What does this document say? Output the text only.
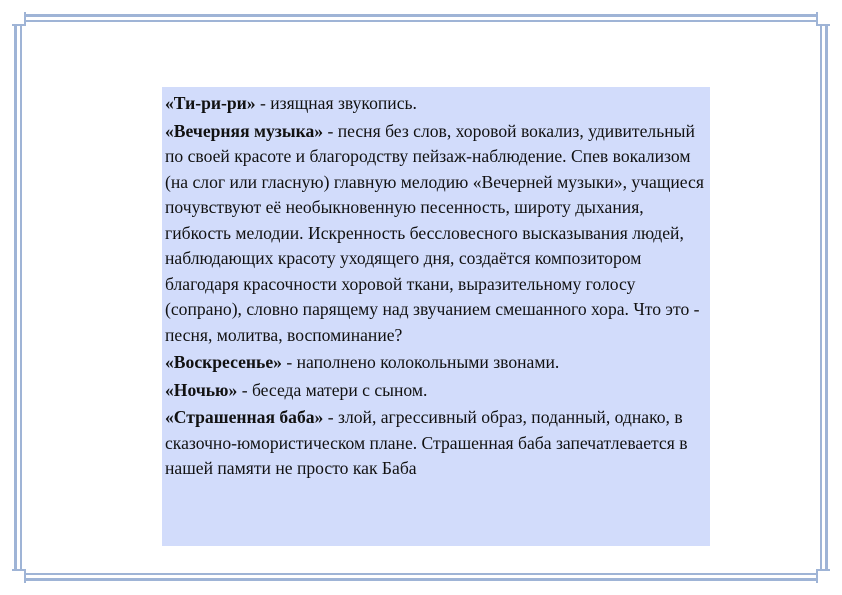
«Ти-ри-ри» - изящная звукопись.

«Вечерняя музыка» - песня без слов, хоровой вокализ, удивительный по своей красоте и благородству пейзаж-наблюдение. Спев вокализом (на слог или гласную) главную мелодию «Вечерней музыки», учащиеся почувствуют её необыкновенную песенность, широту дыхания, гибкость мелодии. Искренность бессловесного высказывания людей, наблюдающих красоту уходящего дня, создаётся композитором благодаря красочности хоровой ткани, выразительному голосу (сопрано), словно парящему над звучанием смешанного хора. Что это - песня, молитва, воспоминание?

«Воскресенье» - наполнено колокольными звонами.

«Ночью» - беседа матери с сыном.

«Страшенная баба» - злой, агрессивный образ, поданный, однако, в сказочно-юмористическом плане. Страшенная баба запечатлевается в нашей памяти не просто как Баба
